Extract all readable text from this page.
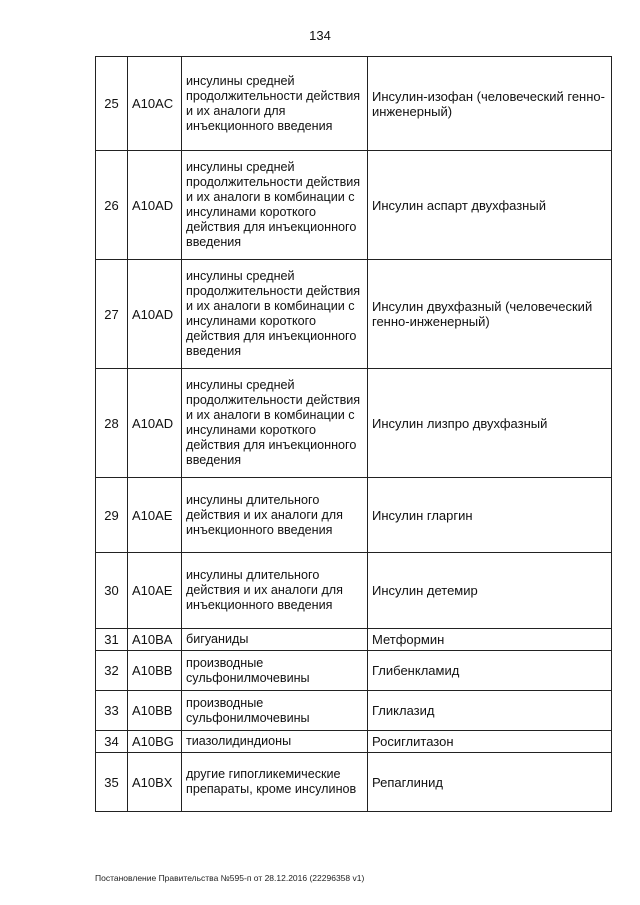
134
25	A10AC	инсулины средней продолжительности действия и их аналоги для инъекционного введения	Инсулин-изофан (человеческий генно-инженерный)
26	A10AD	инсулины средней продолжительности действия и их аналоги в комбинации с инсулинами короткого действия для инъекционного введения	Инсулин аспарт двухфазный
27	A10AD	инсулины средней продолжительности действия и их аналоги в комбинации с инсулинами короткого действия для инъекционного введения	Инсулин двухфазный (человеческий генно-инженерный)
28	A10AD	инсулины средней продолжительности действия и их аналоги в комбинации с инсулинами короткого действия для инъекционного введения	Инсулин лизпро двухфазный
29	A10AE	инсулины длительного действия и их аналоги для инъекционного введения	Инсулин гларгин
30	A10AE	инсулины длительного действия и их аналоги для инъекционного введения	Инсулин детемир
31	A10BA	бигуаниды	Метформин
32	A10BB	производные сульфонилмочевины	Глибенкламид
33	A10BB	производные сульфонилмочевины	Гликлазид
34	A10BG	тиазолидиндионы	Росиглитазон
35	A10BX	другие гипогликемические препараты, кроме инсулинов	Репаглинид
Постановление Правительства №595-п от 28.12.2016 (22296358 v1)
